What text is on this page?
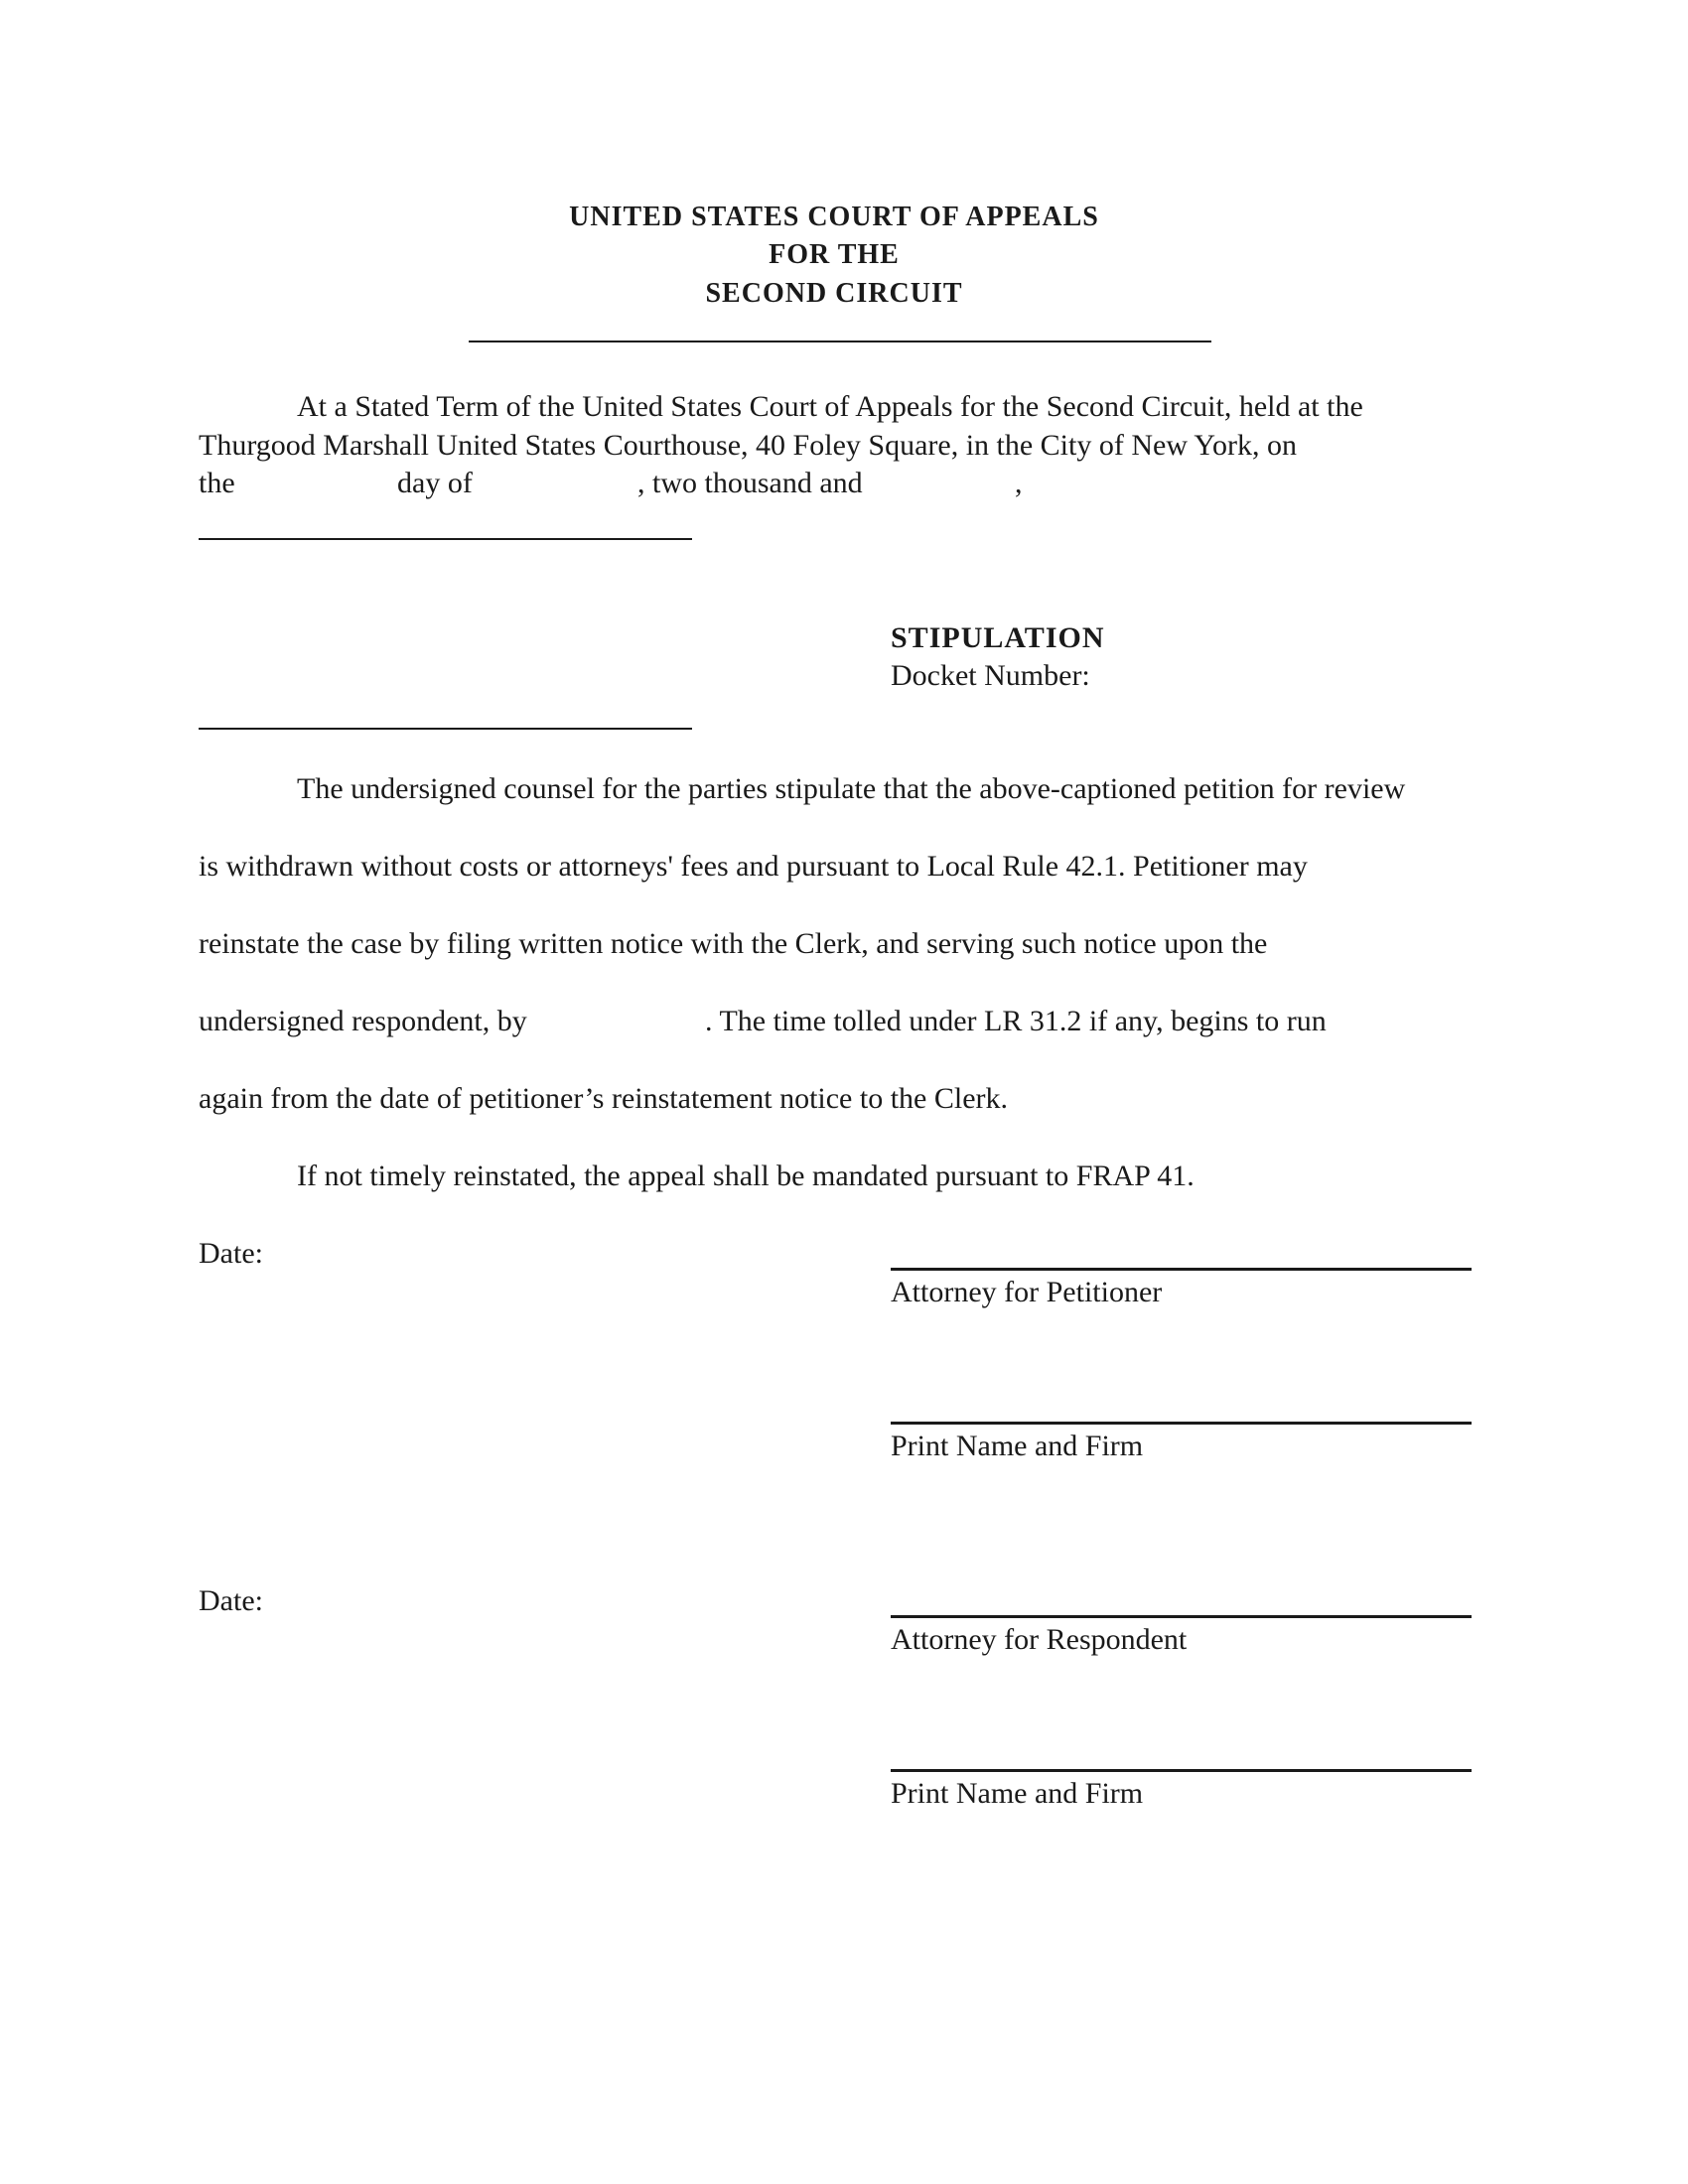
UNITED STATES COURT OF APPEALS
FOR THE
SECOND CIRCUIT
At a Stated Term of the United States Court of Appeals for the Second Circuit, held at the
Thurgood Marshall United States Courthouse, 40 Foley Square, in the City of New York, on
the	day of	, two thousand and	,
STIPULATION
Docket Number:
The undersigned counsel for the parties stipulate that the above-captioned petition for review
is withdrawn without costs or attorneys' fees and pursuant to Local Rule 42.1. Petitioner may
reinstate the case by filing written notice with the Clerk, and serving such notice upon the
undersigned respondent, by	. The time tolled under LR 31.2 if any, begins to run
again from the date of petitioner’s reinstatement notice to the Clerk.
If not timely reinstated, the appeal shall be mandated pursuant to FRAP 41.
Date:
Attorney for Petitioner
Print Name and Firm
Date:
Attorney for Respondent
Print Name and Firm
